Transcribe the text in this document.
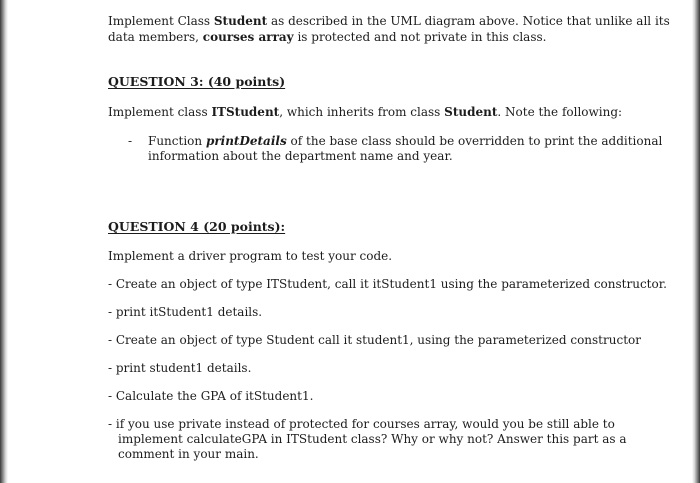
Implement Class Student as described in the UML diagram above. Notice that unlike all its
data members, courses array is protected and not private in this class.
QUESTION 3: (40 points)
Implement class ITStudent, which inherits from class Student. Note the following:
- Function printDetails of the base class should be overridden to print the additional
information about the department name and year.
QUESTION 4 (20 points):
Implement a driver program to test your code.
- Create an object of type ITStudent, call it itStudent1 using the parameterized constructor.
- print itStudent1 details.
- Create an object of type Student call it student1, using the parameterized constructor
- print student1 details.
- Calculate the GPA of itStudent1.
- if you use private instead of protected for courses array, would you be still able to
implement calculateGPA in ITStudent class? Why or why not? Answer this part as a
comment in your main.
